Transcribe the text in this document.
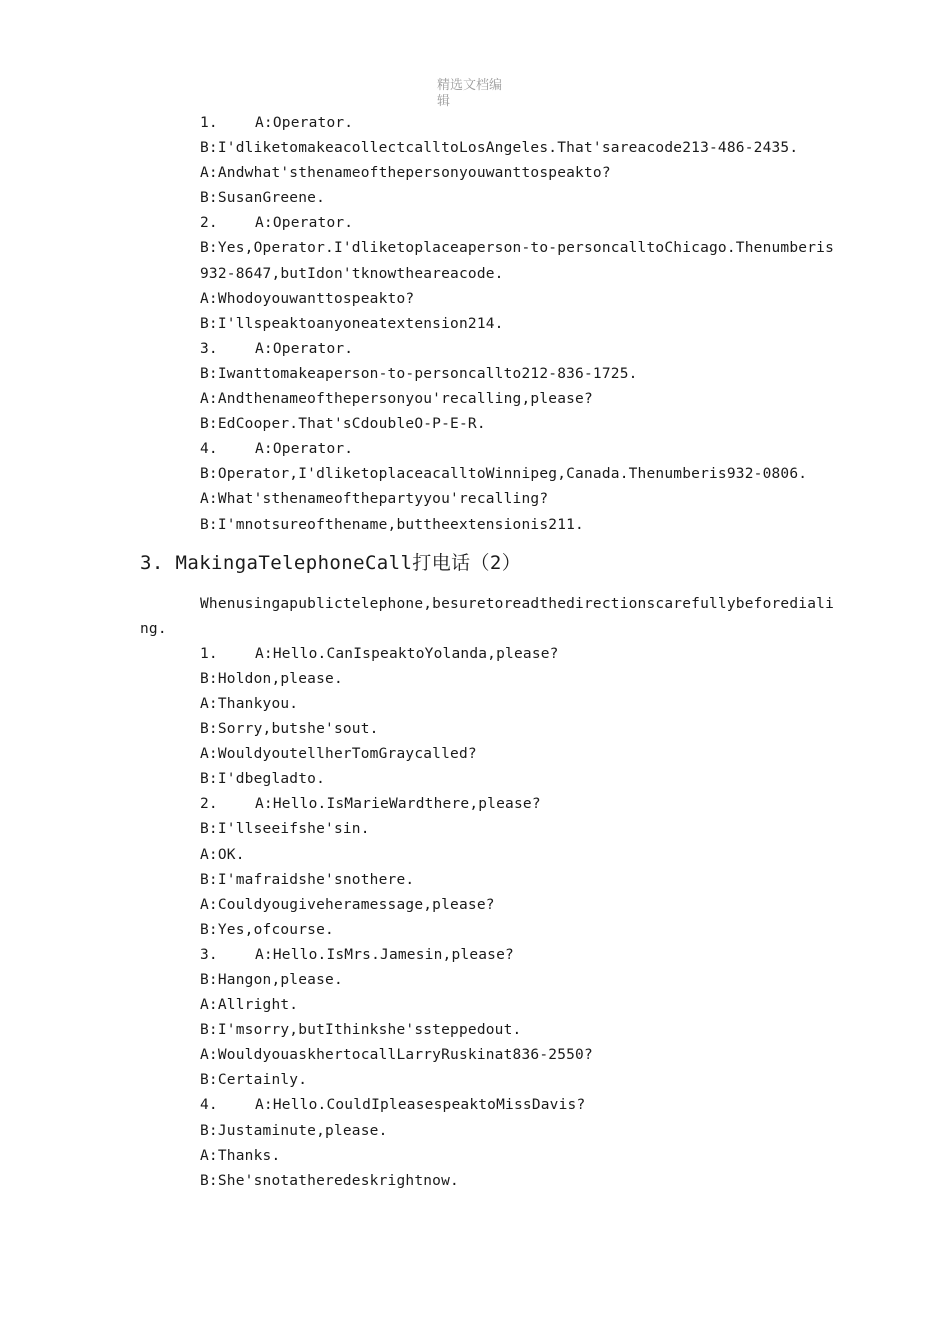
精选文档编
辑
1.	A:Operator.
B:I'dliketomakeacollectcalltoLosAngeles.That'sareacode213-486-2435.
A:Andwhat'sthenameofthepersonyouwanttospeakto?
B:SusanGreene.
2.	A:Operator.
B:Yes,Operator.I'dliketoplaceaperson-to-personcalltoChicago.Thenumberis
932-8647,butIdon'tknowtheareacode.
A:Whodoyouwanttospeakto?
B:I'llspeaktoanyoneatextension214.
3.	A:Operator.
B:Iwanttomakeaperson-to-personcallto212-836-1725.
A:Andthenameofthepersonyou'recalling,please?
B:EdCooper.That'sCdoubleO-P-E-R.
4.	A:Operator.
B:Operator,I'dliketoplaceacalltoWinnipeg,Canada.Thenumberis932-0806.
A:What'sthenameofthepartyyou'recalling?
B:I'mnotsureofthename,buttheextensionis211.
3. MakingaTelephoneCall打电话（2）
Whenusingapublictelephone,besuretoreadthedirectionscarefullybeforediali
ng.
1.	A:Hello.CanIspeaktoYolanda,please?
B:Holdon,please.
A:Thankyou.
B:Sorry,butshe'sout.
A:WouldyoutellherTomGraycalled?
B:I'dbegladto.
2.	A:Hello.IsMarieWardthere,please?
B:I'llseeifshe'sin.
A:OK.
B:I'mafraidshe'snothere.
A:Couldyougiveheramessage,please?
B:Yes,ofcourse.
3.	A:Hello.IsMrs.Jamesin,please?
B:Hangon,please.
A:Allright.
B:I'msorry,butIthinkshe'ssteppedout.
A:WouldyouaskhertocallLarryRuskinat836-2550?
B:Certainly.
4.	A:Hello.CouldIpleasespeaktoMissDavis?
B:Justaminute,please.
A:Thanks.
B:She'snotatheredeskrightnow.
